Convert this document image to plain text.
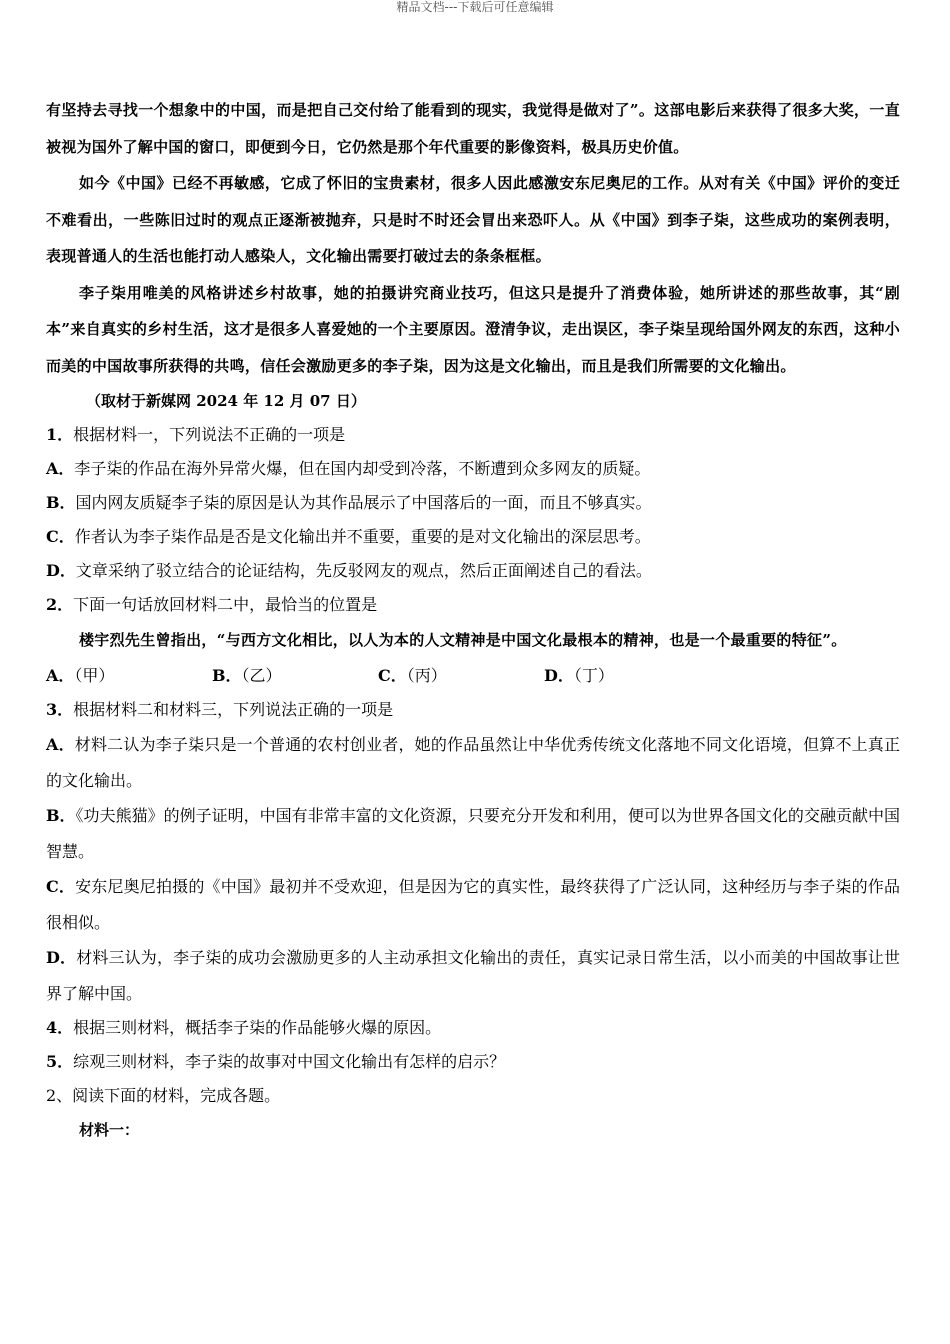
精品文档---下载后可任意编辑

有坚持去寻找一个想象中的中国，而是把自己交付给了能看到的现实，我觉得是做对了”。这部电影后来获得了很多大奖，一直被视为国外了解中国的窗口，即便到今日，它仍然是那个年代重要的影像资料，极具历史价值。

如今《中国》已经不再敏感，它成了怀旧的宝贵素材，很多人因此感激安东尼奥尼的工作。从对有关《中国》评价的变迁不难看出，一些陈旧过时的观点正逐渐被抛弃，只是时不时还会冒出来恐吓人。从《中国》到李子柒，这些成功的案例表明，表现普通人的生活也能打动人感染人，文化输出需要打破过去的条条框框。

李子柒用唯美的风格讲述乡村故事，她的拍摄讲究商业技巧，但这只是提升了消费体验，她所讲述的那些故事，其“剧本”来自真实的乡村生活，这才是很多人喜爱她的一个主要原因。澄清争议，走出误区，李子柒呈现给国外网友的东西，这种小而美的中国故事所获得的共鸣，信任会激励更多的李子柒，因为这是文化输出，而且是我们所需要的文化输出。

（取材于新媒网 2024 年 12 月 07 日）

1．根据材料一，下列说法不正确的一项是

A．李子柒的作品在海外异常火爆，但在国内却受到冷落，不断遭到众多网友的质疑。

B．国内网友质疑李子柒的原因是认为其作品展示了中国落后的一面，而且不够真实。

C．作者认为李子柒作品是否是文化输出并不重要，重要的是对文化输出的深层思考。

D．文章采纳了驳立结合的论证结构，先反驳网友的观点，然后正面阐述自己的看法。

2．下面一句话放回材料二中，最恰当的位置是

楼宇烈先生曾指出，“与西方文化相比，以人为本的人文精神是中国文化最根本的精神，也是一个最重要的特征”。

A．（甲）	B．（乙）	C．（丙）	D．（丁）

3．根据材料二和材料三，下列说法正确的一项是

A．材料二认为李子柒只是一个普通的农村创业者，她的作品虽然让中华优秀传统文化落地不同文化语境，但算不上真正的文化输出。

B．《功夫熊猫》的例子证明，中国有非常丰富的文化资源，只要充分开发和利用，便可以为世界各国文化的交融贡献中国智慧。

C．安东尼奥尼拍摄的《中国》最初并不受欢迎，但是因为它的真实性，最终获得了广泛认同，这种经历与李子柒的作品很相似。

D．材料三认为，李子柒的成功会激励更多的人主动承担文化输出的责任，真实记录日常生活，以小而美的中国故事让世界了解中国。

4．根据三则材料，概括李子柒的作品能够火爆的原因。

5．综观三则材料，李子柒的故事对中国文化输出有怎样的启示？

2、阅读下面的材料，完成各题。

材料一：
